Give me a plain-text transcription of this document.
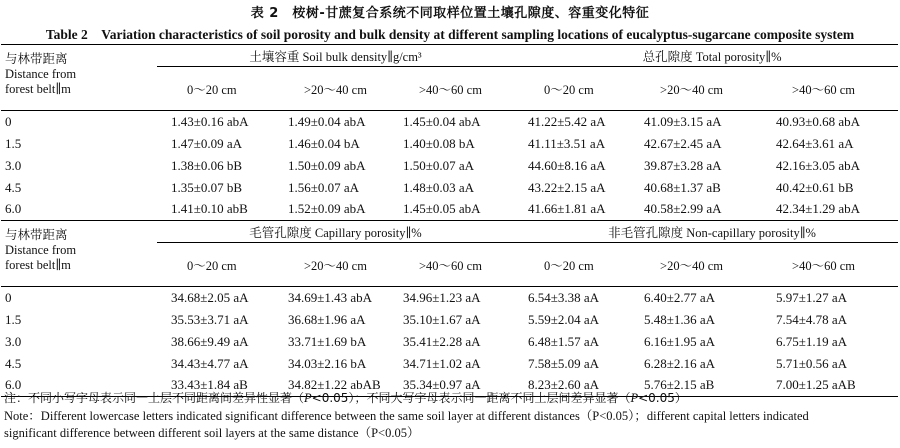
表 2　桉树-甘蔗复合系统不同取样位置土壤孔隙度、容重变化特征
Table 2　Variation characteristics of soil porosity and bulk density at different sampling locations of eucalyptus-sugarcane composite system
与林带距离
Distance from
forest belt∥m	土壤容重 Soil bulk density∥g/cm³			总孔隙度 Total porosity∥%		
	0～20 cm	>20～40 cm	>40～60 cm	0～20 cm	>20～40 cm	>40～60 cm
0	1.43±0.16 abA	1.49±0.04 abA	1.45±0.04 abA	41.22±5.42 aA	41.09±3.15 aA	40.93±0.68 abA
1.5	1.47±0.09 aA	1.46±0.04 bA	1.40±0.08 bA	41.11±3.51 aA	42.67±2.45 aA	42.64±3.61 aA
3.0	1.38±0.06 bB	1.50±0.09 abA	1.50±0.07 aA	44.60±8.16 aA	39.87±3.28 aA	42.16±3.05 abA
4.5	1.35±0.07 bB	1.56±0.07 aA	1.48±0.03 aA	43.22±2.15 aA	40.68±1.37 aB	40.42±0.61 bB
6.0	1.41±0.10 abB	1.52±0.09 abA	1.45±0.05 abA	41.66±1.81 aA	40.58±2.99 aA	42.34±1.29 abA

与林带距离
Distance from
forest belt∥m	毛管孔隙度 Capillary porosity∥%			非毛管孔隙度 Non-capillary porosity∥%		
	0～20 cm	>20～40 cm	>40～60 cm	0～20 cm	>20～40 cm	>40～60 cm
0	34.68±2.05 aA	34.69±1.43 abA	34.96±1.23 aA	6.54±3.38 aA	6.40±2.77 aA	5.97±1.27 aA
1.5	35.53±3.71 aA	36.68±1.96 aA	35.10±1.67 aA	5.59±2.04 aA	5.48±1.36 aA	7.54±4.78 aA
3.0	38.66±9.49 aA	33.71±1.69 bA	35.41±2.28 aA	6.48±1.57 aA	6.16±1.95 aA	6.75±1.19 aA
4.5	34.43±4.77 aA	34.03±2.16 bA	34.71±1.02 aA	7.58±5.09 aA	6.28±2.16 aA	5.71±0.56 aA
6.0	33.43±1.84 aB	34.82±1.22 abAB	35.34±0.97 aA	8.23±2.60 aA	5.76±2.15 aB	7.00±1.25 aAB
注：不同小写字母表示同一土层不同距离间差异性显著（P<0.05）；不同大写字母表示同一距离不同土层间差异显著（P<0.05）
Note：Different lowercase letters indicated significant difference between the same soil layer at different distances（P<0.05）；different capital letters indicated
significant difference between different soil layers at the same distance（P<0.05）
